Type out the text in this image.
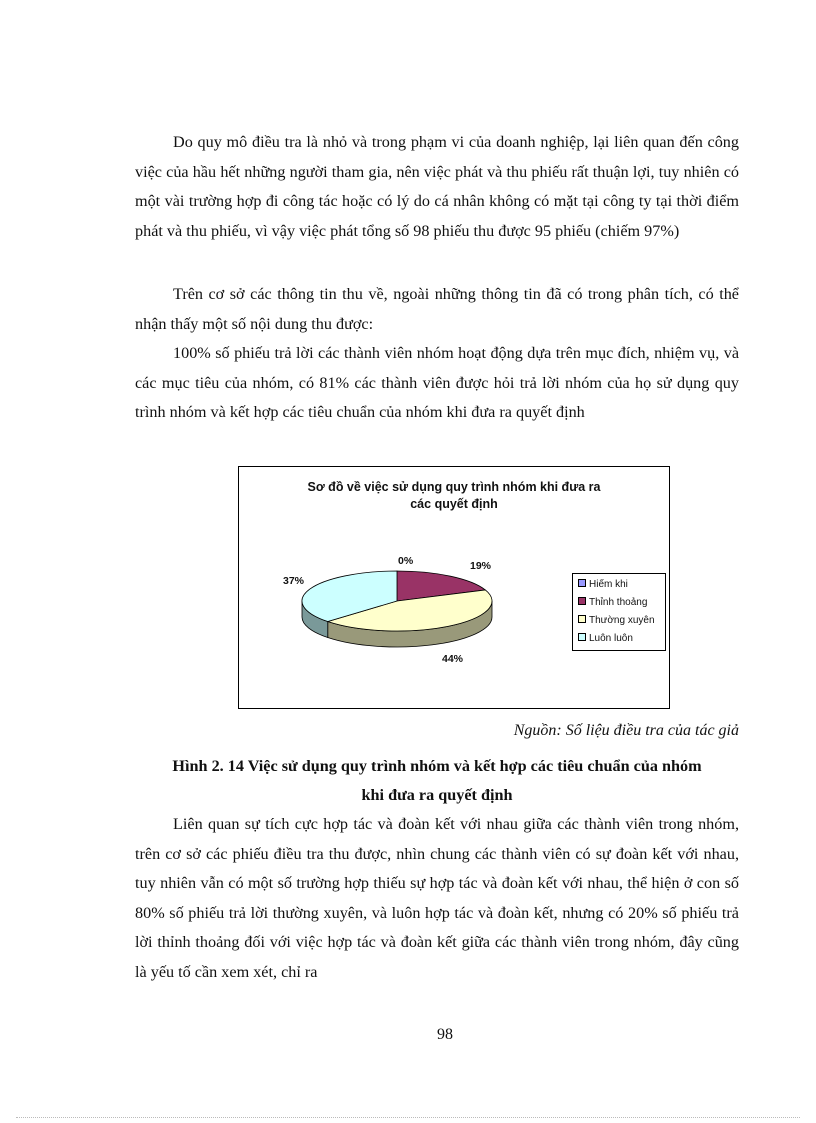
Do quy mô điều tra là nhỏ và trong phạm vi của doanh nghiệp, lại liên quan đến công việc của hầu hết những người tham gia, nên việc phát và thu phiếu rất thuận lợi, tuy nhiên có một vài trường hợp đi công tác hoặc có lý do cá nhân không có mặt tại công ty tại thời điểm phát và thu phiếu, vì vậy việc phát tổng số 98 phiếu thu được 95 phiếu (chiếm 97%)

Trên cơ sở các thông tin thu về, ngoài những thông tin đã có trong phân tích, có thể nhận thấy một số nội dung thu được:

100% số phiếu trả lời các thành viên nhóm hoạt động dựa trên mục đích, nhiệm vụ, và các mục tiêu của nhóm, có 81% các thành viên được hỏi trả lời nhóm của họ sử dụng quy trình nhóm và kết hợp các tiêu chuẩn của nhóm khi đưa ra quyết định

Sơ đồ về việc sử dụng quy trình nhóm khi đưa ra
các quyết định
0%	19%
44%
37%	Hiếm khi
Thỉnh thoảng
Thường xuyên
Luôn luôn
Nguồn: Số liệu điều tra của tác giả
Hình 2. 14 Việc sử dụng quy trình nhóm và kết hợp các tiêu chuẩn của nhóm
khi đưa ra quyết định

Liên quan sự tích cực hợp tác và đoàn kết với nhau giữa các thành viên trong nhóm, trên cơ sở các phiếu điều tra thu được, nhìn chung các thành viên có sự đoàn kết với nhau, tuy nhiên vẫn có một số trường hợp thiếu sự hợp tác và đoàn kết với nhau, thể hiện ở con số 80% số phiếu trả lời thường xuyên, và luôn hợp tác và đoàn kết, nhưng có 20% số phiếu trả lời thỉnh thoảng đối với việc hợp tác và đoàn kết giữa các thành viên trong nhóm, đây cũng là yếu tố cần xem xét, chỉ ra

98
